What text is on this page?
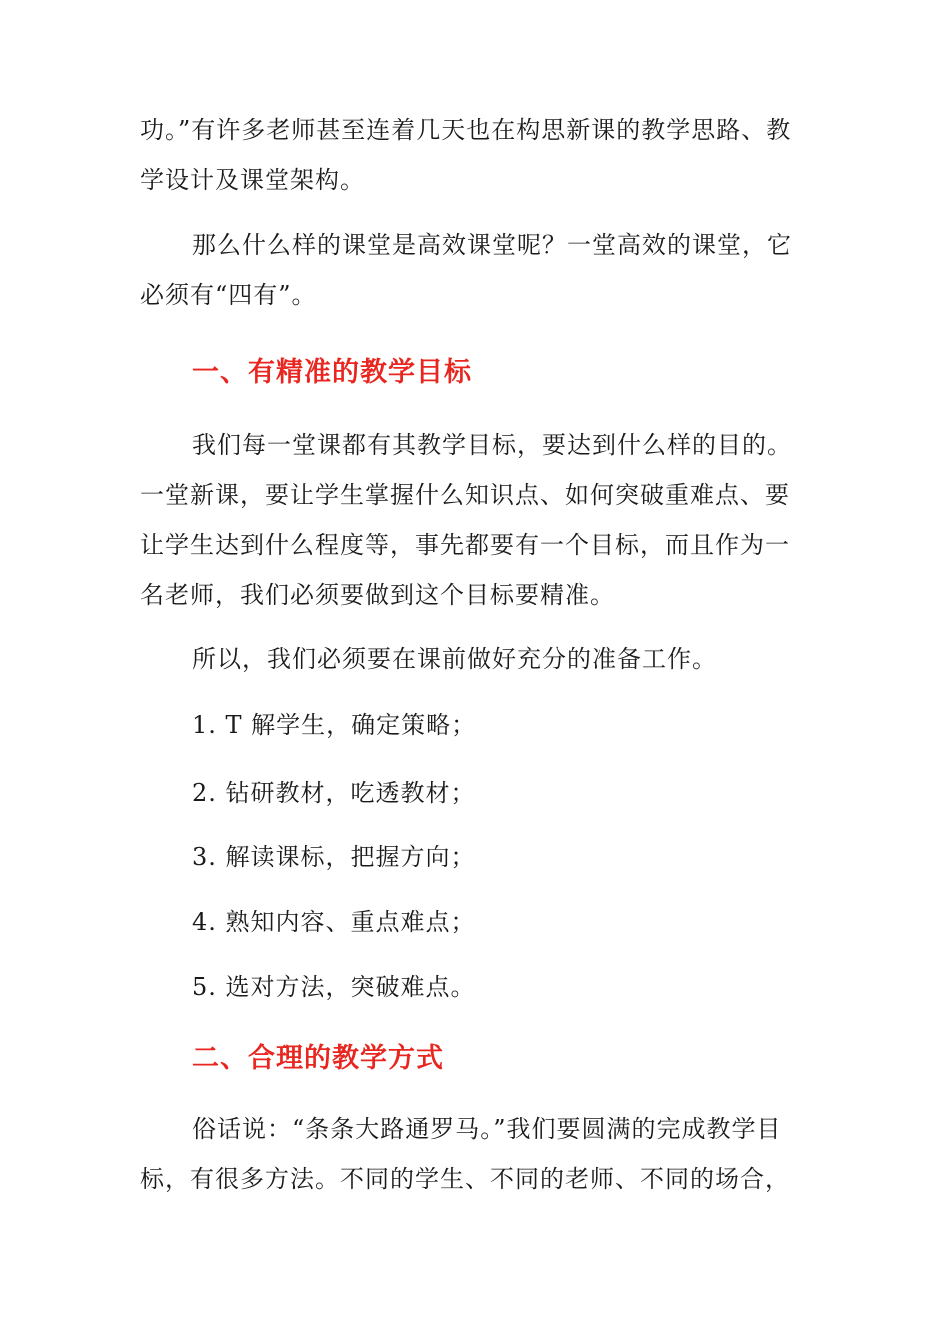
功。”有许多老师甚至连着几天也在构思新课的教学思路、教学设计及课堂架构。

那么什么样的课堂是高效课堂呢？一堂高效的课堂，它必须有“四有”。

一、有精准的教学目标

我们每一堂课都有其教学目标，要达到什么样的目的。一堂新课，要让学生掌握什么知识点、如何突破重难点、要让学生达到什么程度等，事先都要有一个目标，而且作为一名老师，我们必须要做到这个目标要精准。

所以，我们必须要在课前做好充分的准备工作。

1. T 解学生，确定策略；

2. 钻研教材，吃透教材；

3. 解读课标，把握方向；

4. 熟知内容、重点难点；

5. 选对方法，突破难点。

二、合理的教学方式

俗话说：“条条大路通罗马。”我们要圆满的完成教学目标，有很多方法。不同的学生、不同的老师、不同的场合，
